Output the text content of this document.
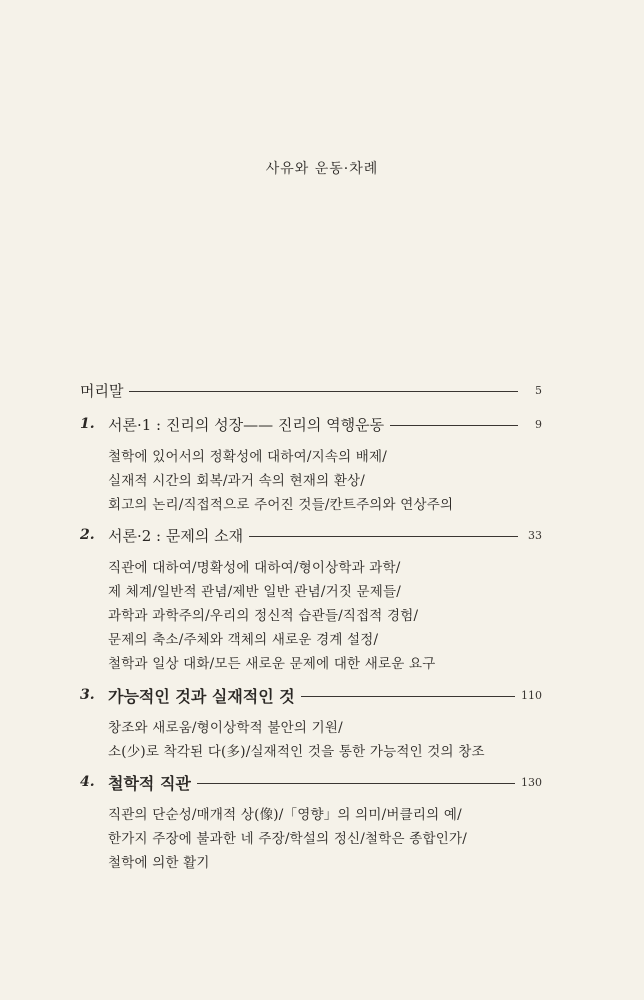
사유와 운동·차례
머리말	5
1. 서론·1 : 진리의 성장—— 진리의 역행운동	9
철학에 있어서의 정확성에 대하여/지속의 배제/
실재적 시간의 회복/과거 속의 현재의 환상/
회고의 논리/직접적으로 주어진 것들/칸트주의와 연상주의
2. 서론·2 : 문제의 소재	33
직관에 대하여/명확성에 대하여/형이상학과 과학/
제 체계/일반적 관념/제반 일반 관념/거짓 문제들/
과학과 과학주의/우리의 정신적 습관들/직접적 경험/
문제의 축소/주체와 객체의 새로운 경계 설정/
철학과 일상 대화/모든 새로운 문제에 대한 새로운 요구
3. 가능적인 것과 실재적인 것	110
창조와 새로움/형이상학적 불안의 기원/
소(少)로 착각된 다(多)/실재적인 것을 통한 가능적인 것의 창조
4. 철학적 직관	130
직관의 단순성/매개적 상(像)/「영향」의 의미/버클리의 예/
한가지 주장에 불과한 네 주장/학설의 정신/철학은 종합인가/
철학에 의한 활기
